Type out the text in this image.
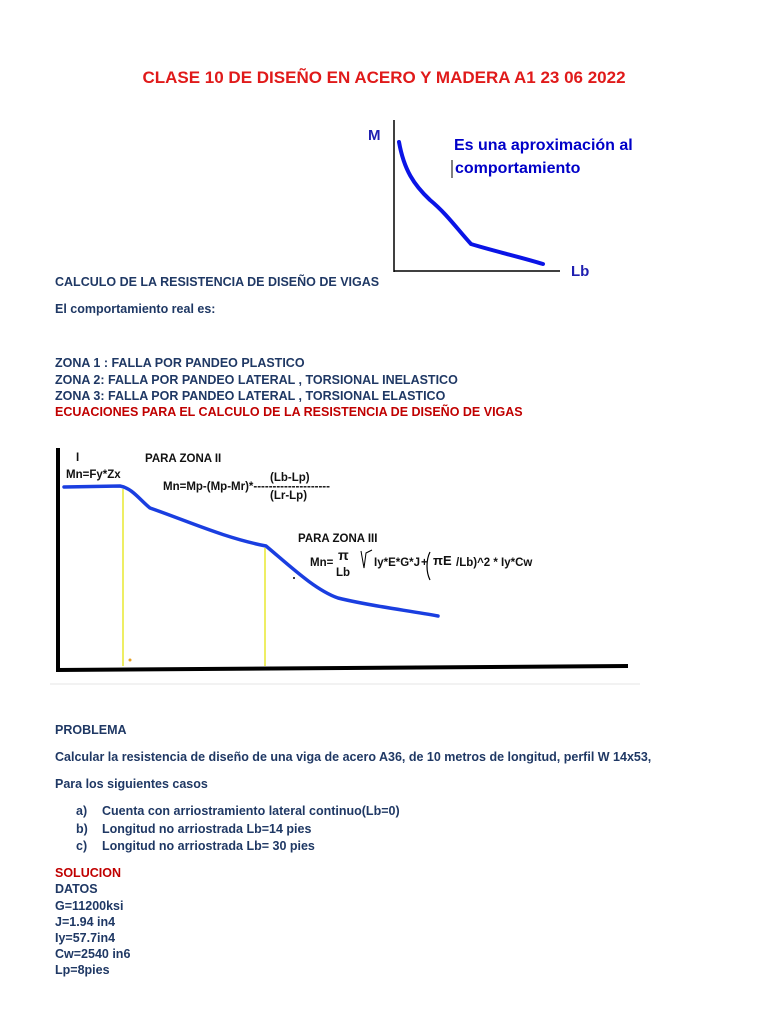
CLASE 10 DE DISEÑO EN ACERO Y MADERA A1 23 06 2022
M
Lb
Es una aproximación al
comportamiento
CALCULO DE LA RESISTENCIA DE DISEÑO DE VIGAS
El comportamiento real es:
ZONA 1 : FALLA POR PANDEO PLASTICO
ZONA 2: FALLA POR PANDEO LATERAL , TORSIONAL INELASTICO
ZONA 3: FALLA POR PANDEO LATERAL , TORSIONAL ELASTICO
ECUACIONES PARA EL CALCULO DE LA RESISTENCIA DE DISEÑO DE VIGAS
I
Mn=Fy*Zx
PARA ZONA II
(Lb-Lp)
Mn=Mp-(Mp-Mr)*--------------------
(Lr-Lp)
PARA ZONA III
Mn= π
Lb
Iy*E*G*J + πE /Lb)^2 * Iy*Cw
PROBLEMA
Calcular la resistencia de diseño de una viga de acero A36, de 10 metros de longitud, perfil W 14x53,
Para los siguientes casos
a) Cuenta con arriostramiento lateral continuo(Lb=0)
b) Longitud no arriostrada Lb=14 pies
c) Longitud no arriostrada Lb= 30 pies
SOLUCION
DATOS
G=11200ksi
J=1.94 in4
Iy=57.7in4
Cw=2540 in6
Lp=8pies
